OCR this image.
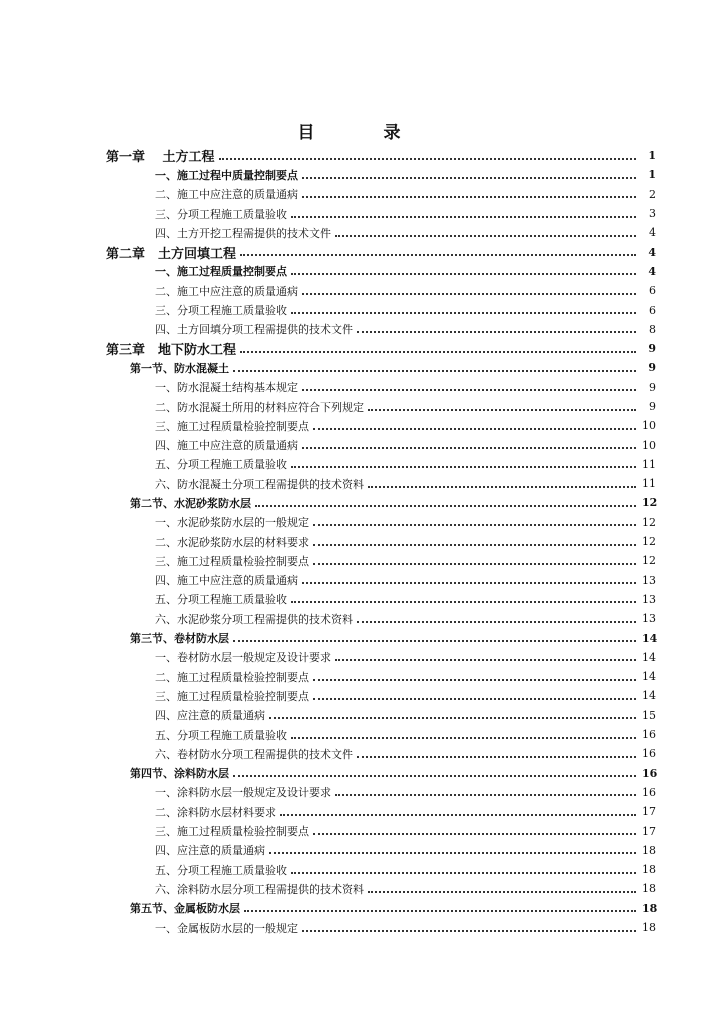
目　录
第一章　 土方工程	1
一、施工过程中质量控制要点	1
二、施工中应注意的质量通病	2
三、分项工程施工质量验收	3
四、土方开挖工程需提供的技术文件	4
第二章　土方回填工程	4
一、施工过程质量控制要点	4
二、施工中应注意的质量通病	6
三、分项工程施工质量验收	6
四、土方回填分项工程需提供的技术文件	8
第三章　地下防水工程	9
第一节、防水混凝土	9
一、防水混凝土结构基本规定	9
二、防水混凝土所用的材料应符合下列规定	9
三、施工过程质量检验控制要点	10
四、施工中应注意的质量通病	10
五、分项工程施工质量验收	11
六、防水混凝土分项工程需提供的技术资料	11
第二节、水泥砂浆防水层	12
一、水泥砂浆防水层的一般规定	12
二、水泥砂浆防水层的材料要求	12
三、施工过程质量检验控制要点	12
四、施工中应注意的质量通病	13
五、分项工程施工质量验收	13
六、水泥砂浆分项工程需提供的技术资料	13
第三节、卷材防水层	14
一、卷材防水层一般规定及设计要求	14
二、施工过程质量检验控制要点	14
三、施工过程质量检验控制要点	14
四、应注意的质量通病	15
五、分项工程施工质量验收	16
六、卷材防水分项工程需提供的技术文件	16
第四节、涂料防水层	16
一、涂料防水层一般规定及设计要求	16
二、涂料防水层材料要求	17
三、施工过程质量检验控制要点	17
四、应注意的质量通病	18
五、分项工程施工质量验收	18
六、涂料防水层分项工程需提供的技术资料	18
第五节、金属板防水层	18
一、金属板防水层的一般规定	18
